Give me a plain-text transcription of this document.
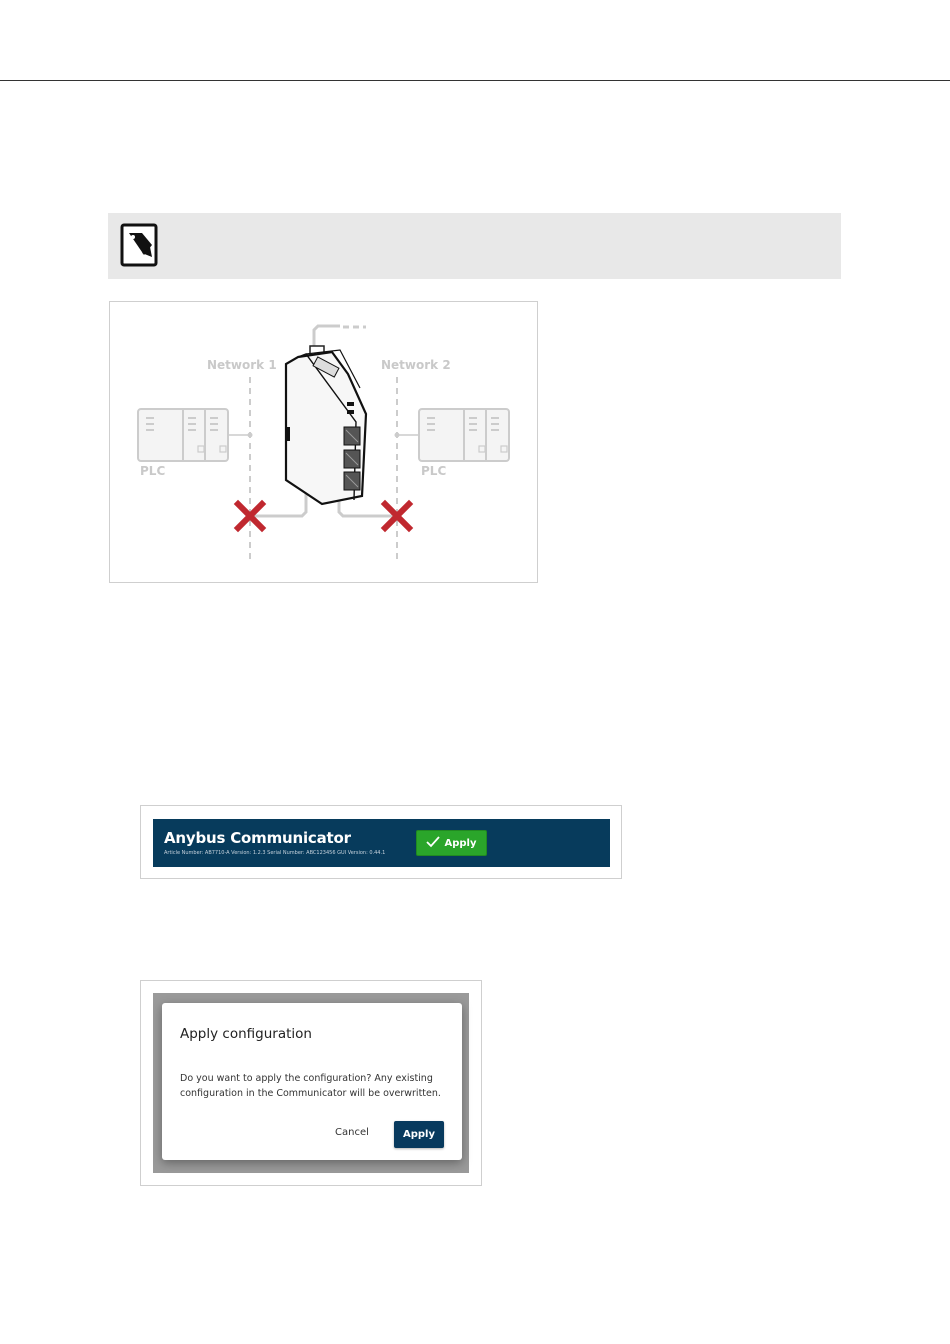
Network 1	Network 2
PLC	PLC
Anybus Communicator
Article Number: AB7710-A Version: 1.2.3 Serial Number: ABC123456 GUI Version: 0.44.1
Apply
Apply configuration
Do you want to apply the configuration? Any existing configuration in the Communicator will be overwritten.
Cancel	Apply
